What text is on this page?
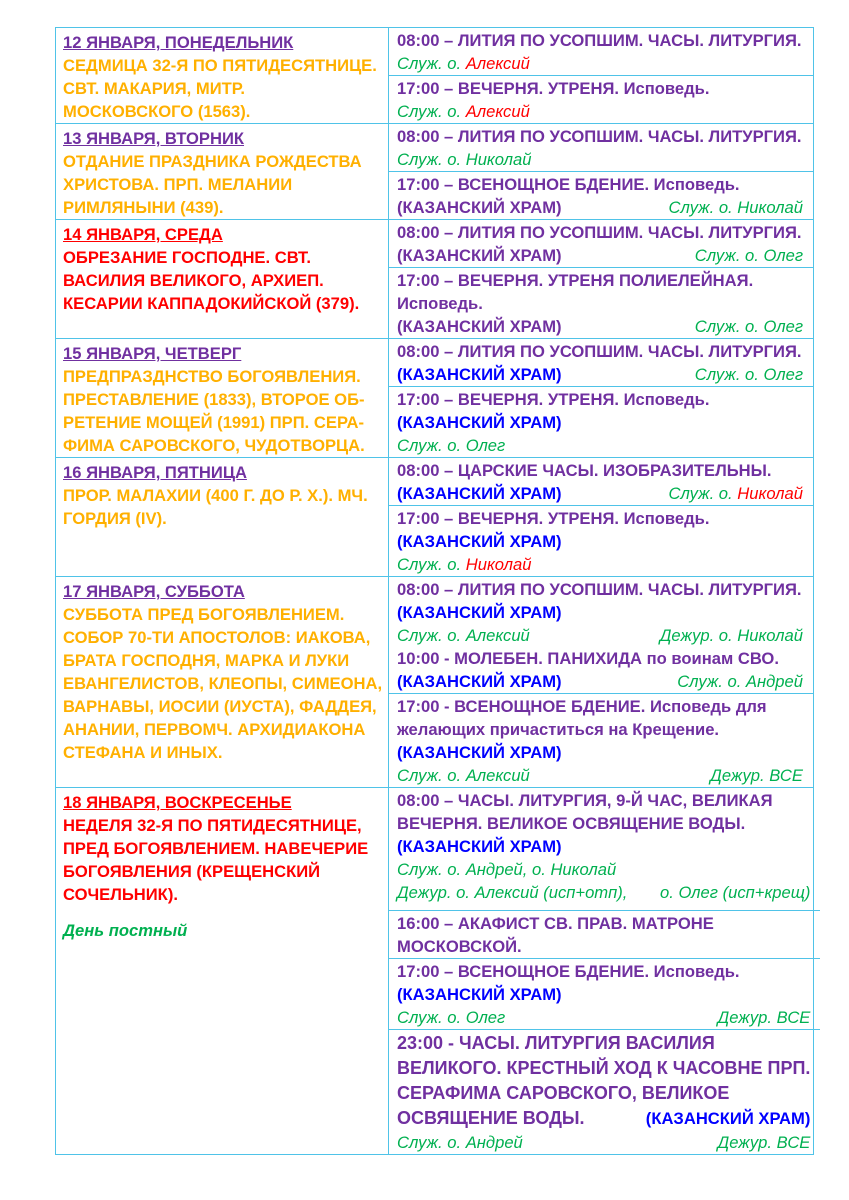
12 ЯНВАРЯ, ПОНЕДЕЛЬНИК
СЕДМИЦА 32-Я ПО ПЯТИДЕСЯТНИЦЕ.
СВТ. МАКАРИЯ, МИТР.
МОСКОВСКОГО (1563).
08:00 – ЛИТИЯ ПО УСОПШИМ. ЧАСЫ. ЛИТУРГИЯ.
Служ. о. Алексий
17:00 – ВЕЧЕРНЯ. УТРЕНЯ. Исповедь.
Служ. о. Алексий
13 ЯНВАРЯ, ВТОРНИК
ОТДАНИЕ ПРАЗДНИКА РОЖДЕСТВА
ХРИСТОВА. ПРП. МЕЛАНИИ
РИМЛЯНЫНИ (439).
08:00 – ЛИТИЯ ПО УСОПШИМ. ЧАСЫ. ЛИТУРГИЯ.
Служ. о. Николай
17:00 – ВСЕНОЩНОЕ БДЕНИЕ. Исповедь.
(КАЗАНСКИЙ ХРАМ)	Служ. о. Николай
14 ЯНВАРЯ, СРЕДА
ОБРЕЗАНИЕ ГОСПОДНЕ. СВТ.
ВАСИЛИЯ ВЕЛИКОГО, АРХИЕП.
КЕСАРИИ КАППАДОКИЙСКОЙ (379).
08:00 – ЛИТИЯ ПО УСОПШИМ. ЧАСЫ. ЛИТУРГИЯ.
(КАЗАНСКИЙ ХРАМ)	Служ. о. Олег
17:00 – ВЕЧЕРНЯ. УТРЕНЯ ПОЛИЕЛЕЙНАЯ.
Исповедь.
(КАЗАНСКИЙ ХРАМ)	Служ. о. Олег
15 ЯНВАРЯ, ЧЕТВЕРГ
ПРЕДПРАЗДНСТВО БОГОЯВЛЕНИЯ.
ПРЕСТАВЛЕНИЕ (1833), ВТОРОЕ ОБ-
РЕТЕНИЕ МОЩЕЙ (1991) ПРП. СЕРА-
ФИМА САРОВСКОГО, ЧУДОТВОРЦА.
08:00 – ЛИТИЯ ПО УСОПШИМ. ЧАСЫ. ЛИТУРГИЯ.
(КАЗАНСКИЙ ХРАМ)	Служ. о. Олег
17:00 – ВЕЧЕРНЯ. УТРЕНЯ. Исповедь.
(КАЗАНСКИЙ ХРАМ)
Служ. о. Олег
16 ЯНВАРЯ, ПЯТНИЦА
ПРОР. МАЛАХИИ (400 Г. ДО Р. Х.). МЧ.
ГОРДИЯ (IV).
08:00 – ЦАРСКИЕ ЧАСЫ. ИЗОБРАЗИТЕЛЬНЫ.
(КАЗАНСКИЙ ХРАМ)	Служ. о. Николай
17:00 – ВЕЧЕРНЯ. УТРЕНЯ. Исповедь.
(КАЗАНСКИЙ ХРАМ)
Служ. о. Николай
17 ЯНВАРЯ, СУББОТА
СУББОТА ПРЕД БОГОЯВЛЕНИЕМ.
СОБОР 70-ТИ АПОСТОЛОВ: ИАКОВА,
БРАТА ГОСПОДНЯ, МАРКА И ЛУКИ
ЕВАНГЕЛИСТОВ, КЛЕОПЫ, СИМЕОНА,
ВАРНАВЫ, ИОСИИ (ИУСТА), ФАДДЕЯ,
АНАНИИ, ПЕРВОМЧ. АРХИДИАКОНА
СТЕФАНА И ИНЫХ.
08:00 – ЛИТИЯ ПО УСОПШИМ. ЧАСЫ. ЛИТУРГИЯ.
(КАЗАНСКИЙ ХРАМ)
Служ. о. Алексий	Дежур. о. Николай
10:00 - МОЛЕБЕН. ПАНИХИДА по воинам СВО.
(КАЗАНСКИЙ ХРАМ)	Служ. о. Андрей
17:00 - ВСЕНОЩНОЕ БДЕНИЕ. Исповедь для
желающих причаститься на Крещение.
(КАЗАНСКИЙ ХРАМ)
Служ. о. Алексий	Дежур. ВСЕ
18 ЯНВАРЯ, ВОСКРЕСЕНЬЕ
НЕДЕЛЯ 32-Я ПО ПЯТИДЕСЯТНИЦЕ,
ПРЕД БОГОЯВЛЕНИЕМ. НАВЕЧЕРИЕ
БОГОЯВЛЕНИЯ (КРЕЩЕНСКИЙ
СОЧЕЛЬНИК).
День постный
08:00 – ЧАСЫ. ЛИТУРГИЯ, 9-Й ЧАС, ВЕЛИКАЯ
ВЕЧЕРНЯ. ВЕЛИКОЕ ОСВЯЩЕНИЕ ВОДЫ.
(КАЗАНСКИЙ ХРАМ)
Служ. о. Андрей, о. Николай
Дежур. о. Алексий (исп+отп), о. Олег (исп+крещ)
16:00 – АКАФИСТ СВ. ПРАВ. МАТРОНЕ
МОСКОВСКОЙ.
17:00 – ВСЕНОЩНОЕ БДЕНИЕ. Исповедь.
(КАЗАНСКИЙ ХРАМ)
Служ. о. Олег	Дежур. ВСЕ
23:00 - ЧАСЫ. ЛИТУРГИЯ ВАСИЛИЯ
ВЕЛИКОГО. КРЕСТНЫЙ ХОД К ЧАСОВНЕ ПРП.
СЕРАФИМА САРОВСКОГО, ВЕЛИКОЕ
ОСВЯЩЕНИЕ ВОДЫ.	(КАЗАНСКИЙ ХРАМ)
Служ. о. Андрей	Дежур. ВСЕ
